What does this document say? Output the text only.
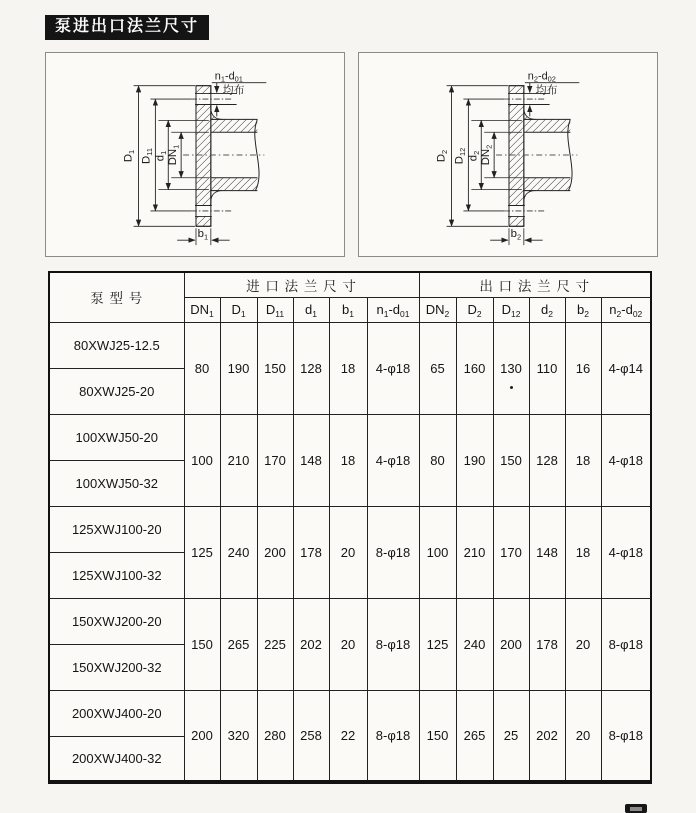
泵进出口法兰尺寸
$D_1$
$D_{11}$
$d_1$ $DN_1$
n1-d01
均布
$b_1$
$D_2$
$D_{12}$
$d_2$ $DN_2$
n2-d02
均布
$b_2$
泵 型 号	进 口 法 兰 尺 寸						出 口 法 兰 尺 寸					
	$DN_1$	$D_1$	$D_{11}$	$d_1$	$b_1$	$n_1-d_{01}$	$DN_2$	$D_2$	$D_{12}$	$d_2$	$b_2$	$n_2-d_{02}$
80XWJ25-12.5	80	190	150	128	18	4-φ18	65	160	130	110	16	4-φ14
80XWJ25-20												
100XWJ50-20	100	210	170	148	18	4-φ18	80	190	150	128	18	4-φ18
100XWJ50-32												
125XWJ100-20	125	240	200	178	20	8-φ18	100	210	170	148	18	4-φ18
125XWJ100-32												
150XWJ200-20	150	265	225	202	20	8-φ18	125	240	200	178	20	8-φ18
150XWJ200-32												
200XWJ400-20	200	320	280	258	22	8-φ18	150	265	25	202	20	8-φ18
200XWJ400-32												
